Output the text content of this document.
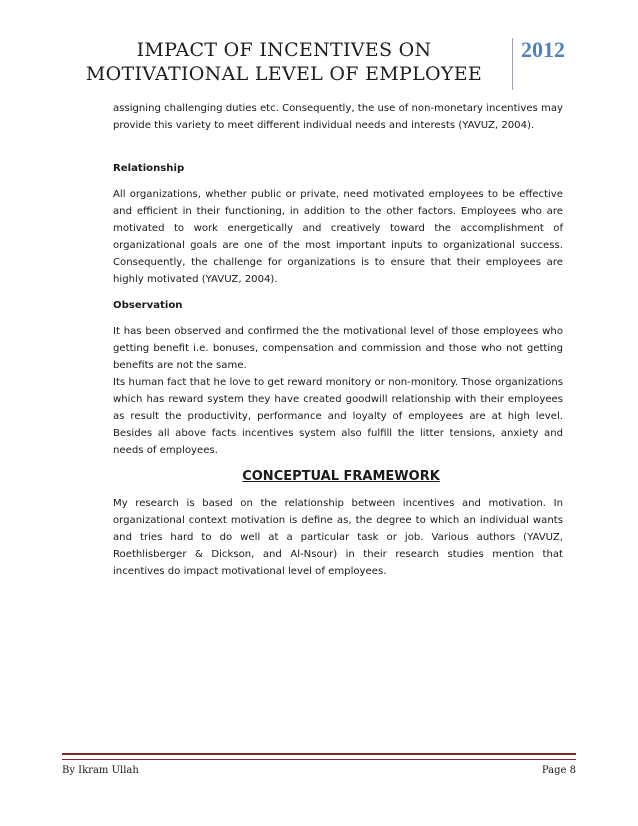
IMPACT OF INCENTIVES ON MOTIVATIONAL LEVEL OF EMPLOYEE
2012

assigning challenging duties etc. Consequently, the use of non-monetary incentives may provide this variety to meet different individual needs and interests (YAVUZ, 2004).

Relationship

All organizations, whether public or private, need motivated employees to be effective and efficient in their functioning, in addition to the other factors. Employees who are motivated to work energetically and creatively toward the accomplishment of organizational goals are one of the most important inputs to organizational success. Consequently, the challenge for organizations is to ensure that their employees are highly motivated (YAVUZ, 2004).

Observation

It has been observed and confirmed the the motivational level of those employees who getting benefit i.e. bonuses, compensation and commission and those who not getting benefits are not the same.

Its human fact that he love to get reward monitory or non-monitory. Those organizations which has reward system they have created goodwill relationship with their employees as result the productivity, performance and loyalty of employees are at high level. Besides all above facts incentives system also fulfill the litter tensions, anxiety and needs of employees.

CONCEPTUAL FRAMEWORK

My research is based on the relationship between incentives and motivation. In organizational context motivation is define as, the degree to which an individual wants and tries hard to do well at a particular task or job. Various authors (YAVUZ, Roethlisberger & Dickson, and Al-Nsour) in their research studies mention that incentives do impact motivational level of employees.

By Ikram Ullah	Page 8
